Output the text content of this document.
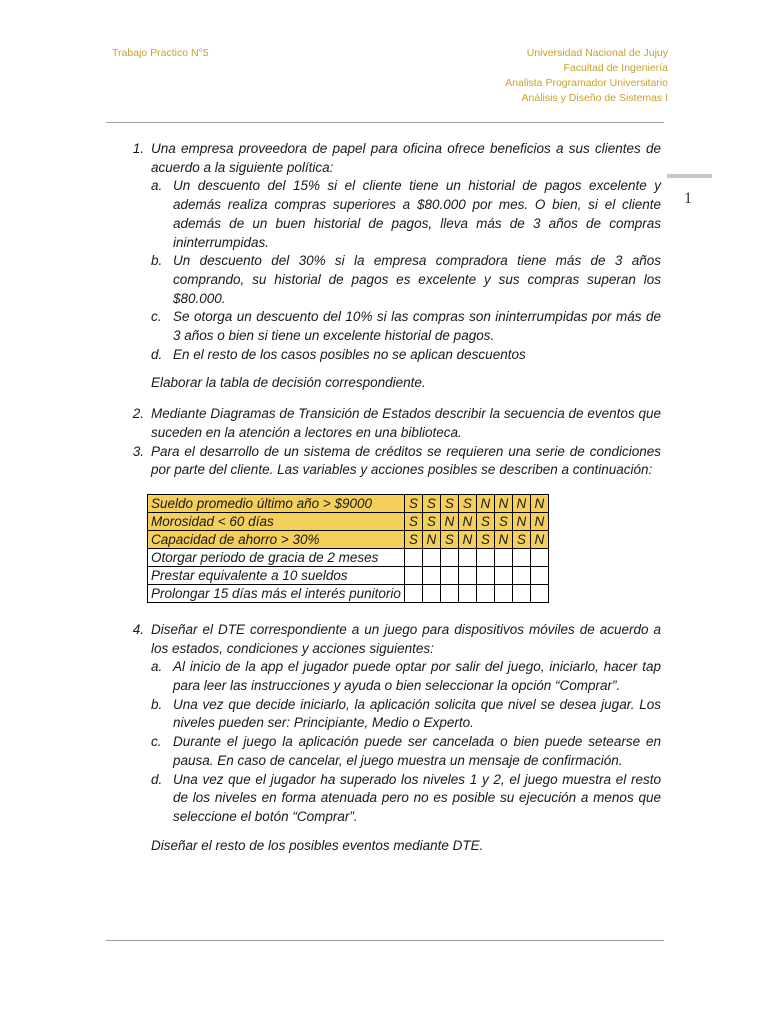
Trabajo Practico N°5	Universidad Nacional de Jujuy
Facultad de Ingeniería
Analista Programador Universitario
Análisis y Diseño de Sistemas I
1
1. Una empresa proveedora de papel para oficina ofrece beneficios a sus clientes de acuerdo a la siguiente política:

a. Un descuento del 15% si el cliente tiene un historial de pagos excelente y además realiza compras superiores a $80.000 por mes. O bien, si el cliente además de un buen historial de pagos, lleva más de 3 años de compras ininterrumpidas.
b. Un descuento del 30% si la empresa compradora tiene más de 3 años comprando, su historial de pagos es excelente y sus compras superan los $80.000.
c. Se otorga un descuento del 10% si las compras son ininterrumpidas por más de 3 años o bien si tiene un excelente historial de pagos.
d. En el resto de los casos posibles no se aplican descuentos

Elaborar la tabla de decisión correspondiente.

2. Mediante Diagramas de Transición de Estados describir la secuencia de eventos que suceden en la atención a lectores en una biblioteca.

3. Para el desarrollo de un sistema de créditos se requieren una serie de condiciones por parte del cliente. Las variables y acciones posibles se describen a continuación:

Sueldo promedio último año > $9000	S	S	S	S	N	N	N	N
Morosidad < 60 días	S	S	N	N	S	S	N	N
Capacidad de ahorro > 30%	S	N	S	N	S	N	S	N
Otorgar periodo de gracia de 2 meses								
Prestar equivalente a 10 sueldos								
Prolongar 15 días más el interés punitorio								
4. Diseñar el DTE correspondiente a un juego para dispositivos móviles de acuerdo a los estados, condiciones y acciones siguientes:

a. Al inicio de la app el jugador puede optar por salir del juego, iniciarlo, hacer tap para leer las instrucciones y ayuda o bien seleccionar la opción “Comprar”.
b. Una vez que decide iniciarlo, la aplicación solicita que nivel se desea jugar. Los niveles pueden ser: Principiante, Medio o Experto.
c. Durante el juego la aplicación puede ser cancelada o bien puede setearse en pausa. En caso de cancelar, el juego muestra un mensaje de confirmación.
d. Una vez que el jugador ha superado los niveles 1 y 2, el juego muestra el resto de los niveles en forma atenuada pero no es posible su ejecución a menos que seleccione el botón “Comprar”.

Diseñar el resto de los posibles eventos mediante DTE.
